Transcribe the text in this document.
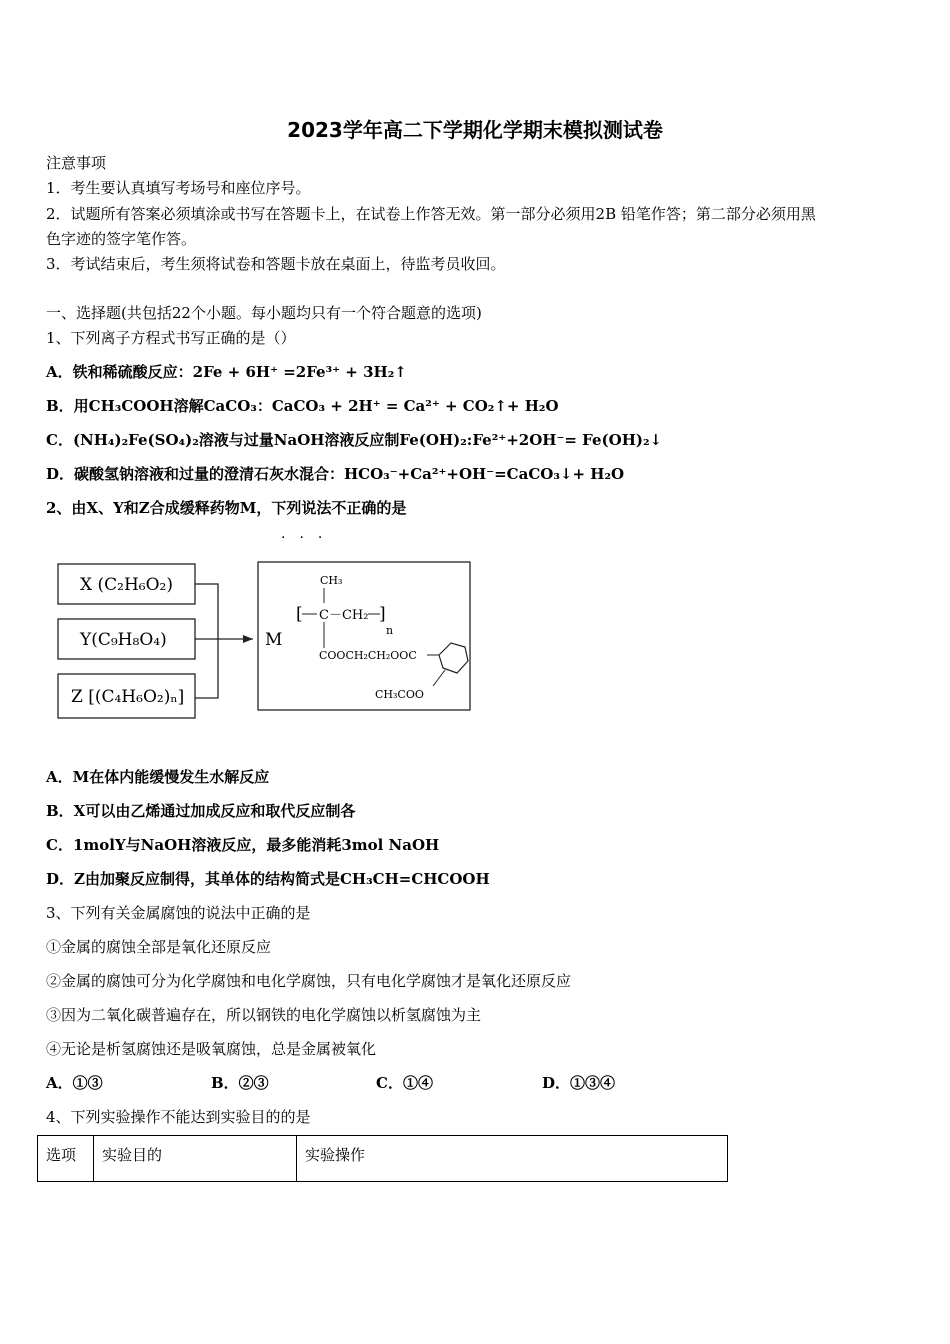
2023学年高二下学期化学期末模拟测试卷
注意事项
1．考生要认真填写考场号和座位序号。
2．试题所有答案必须填涂或书写在答题卡上，在试卷上作答无效。第一部分必须用2B 铅笔作答；第二部分必须用黑
色字迹的签字笔作答。
3．考试结束后，考生须将试卷和答题卡放在桌面上，待监考员收回。
一、选择题(共包括22个小题。每小题均只有一个符合题意的选项)
1、下列离子方程式书写正确的是（）
A．铁和稀硫酸反应：2Fe + 6H⁺ =2Fe³⁺ + 3H₂↑
B．用CH₃COOH溶解CaCO₃：CaCO₃ + 2H⁺ = Ca²⁺ + CO₂↑+ H₂O
C．(NH₄)₂Fe(SO₄)₂溶液与过量NaOH溶液反应制Fe(OH)₂:Fe²⁺+2OH⁻= Fe(OH)₂↓
D．碳酸氢钠溶液和过量的澄清石灰水混合：HCO₃⁻+Ca²⁺+OH⁻=CaCO₃↓+ H₂O
2、由X、Y和Z合成缓释药物M，下列说法不正确的是
···
X (C₂H₆O₂)
Y(C₉H₈O₄)
Z [(C₄H₆O₂)ₙ]
M
CH₃
[ C－CH₂ ]
n
COOCH₂CH₂OOC
CH₃COO
A．M在体内能缓慢发生水解反应
B．X可以由乙烯通过加成反应和取代反应制各
C．1molY与NaOH溶液反应，最多能消耗3mol NaOH
D．Z由加聚反应制得，其单体的结构简式是CH₃CH=CHCOOH
3、下列有关金属腐蚀的说法中正确的是
①金属的腐蚀全部是氧化还原反应
②金属的腐蚀可分为化学腐蚀和电化学腐蚀，只有电化学腐蚀才是氧化还原反应
③因为二氧化碳普遍存在，所以钢铁的电化学腐蚀以析氢腐蚀为主
④无论是析氢腐蚀还是吸氧腐蚀，总是金属被氧化
A．①③	B．②③	C．①④	D．①③④
4、下列实验操作不能达到实验目的的是
选项	实验目的	实验操作
